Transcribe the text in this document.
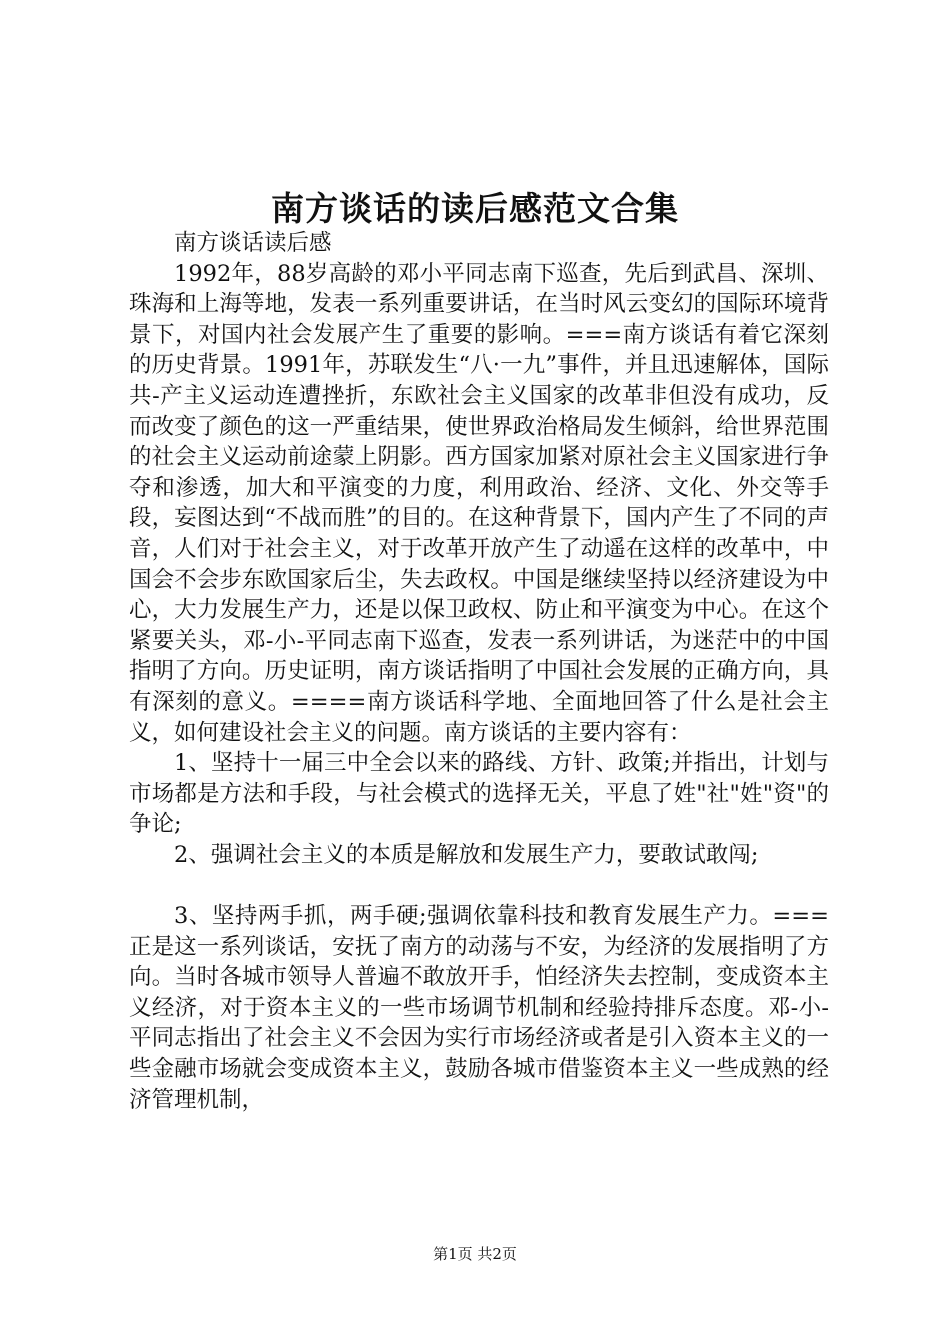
南方谈话的读后感范文合集

南方谈话读后感

1992年，88岁高龄的邓小平同志南下巡查，先后到武昌、深圳、珠海和上海等地，发表一系列重要讲话，在当时风云变幻的国际环境背景下，对国内社会发展产生了重要的影响。===南方谈话有着它深刻的历史背景。1991年，苏联发生“八·一九”事件，并且迅速解体，国际共-产主义运动连遭挫折，东欧社会主义国家的改革非但没有成功，反而改变了颜色的这一严重结果，使世界政治格局发生倾斜，给世界范围的社会主义运动前途蒙上阴影。西方国家加紧对原社会主义国家进行争夺和渗透，加大和平演变的力度，利用政治、经济、文化、外交等手段，妄图达到“不战而胜”的目的。在这种背景下，国内产生了不同的声音，人们对于社会主义，对于改革开放产生了动遥在这样的改革中，中国会不会步东欧国家后尘，失去政权。中国是继续坚持以经济建设为中心，大力发展生产力，还是以保卫政权、防止和平演变为中心。在这个紧要关头，邓-小-平同志南下巡查，发表一系列讲话，为迷茫中的中国指明了方向。历史证明，南方谈话指明了中国社会发展的正确方向，具有深刻的意义。====南方谈话科学地、全面地回答了什么是社会主义，如何建设社会主义的问题。南方谈话的主要内容有：

1、坚持十一届三中全会以来的路线、方针、政策;并指出，计划与市场都是方法和手段，与社会模式的选择无关，平息了姓"社"姓"资"的争论;

2、强调社会主义的本质是解放和发展生产力，要敢试敢闯;

3、坚持两手抓，两手硬;强调依靠科技和教育发展生产力。===正是这一系列谈话，安抚了南方的动荡与不安，为经济的发展指明了方向。当时各城市领导人普遍不敢放开手，怕经济失去控制，变成资本主义经济，对于资本主义的一些市场调节机制和经验持排斥态度。邓-小-平同志指出了社会主义不会因为实行市场经济或者是引入资本主义的一些金融市场就会变成资本主义，鼓励各城市借鉴资本主义一些成熟的经济管理机制，

第1页 共2页
